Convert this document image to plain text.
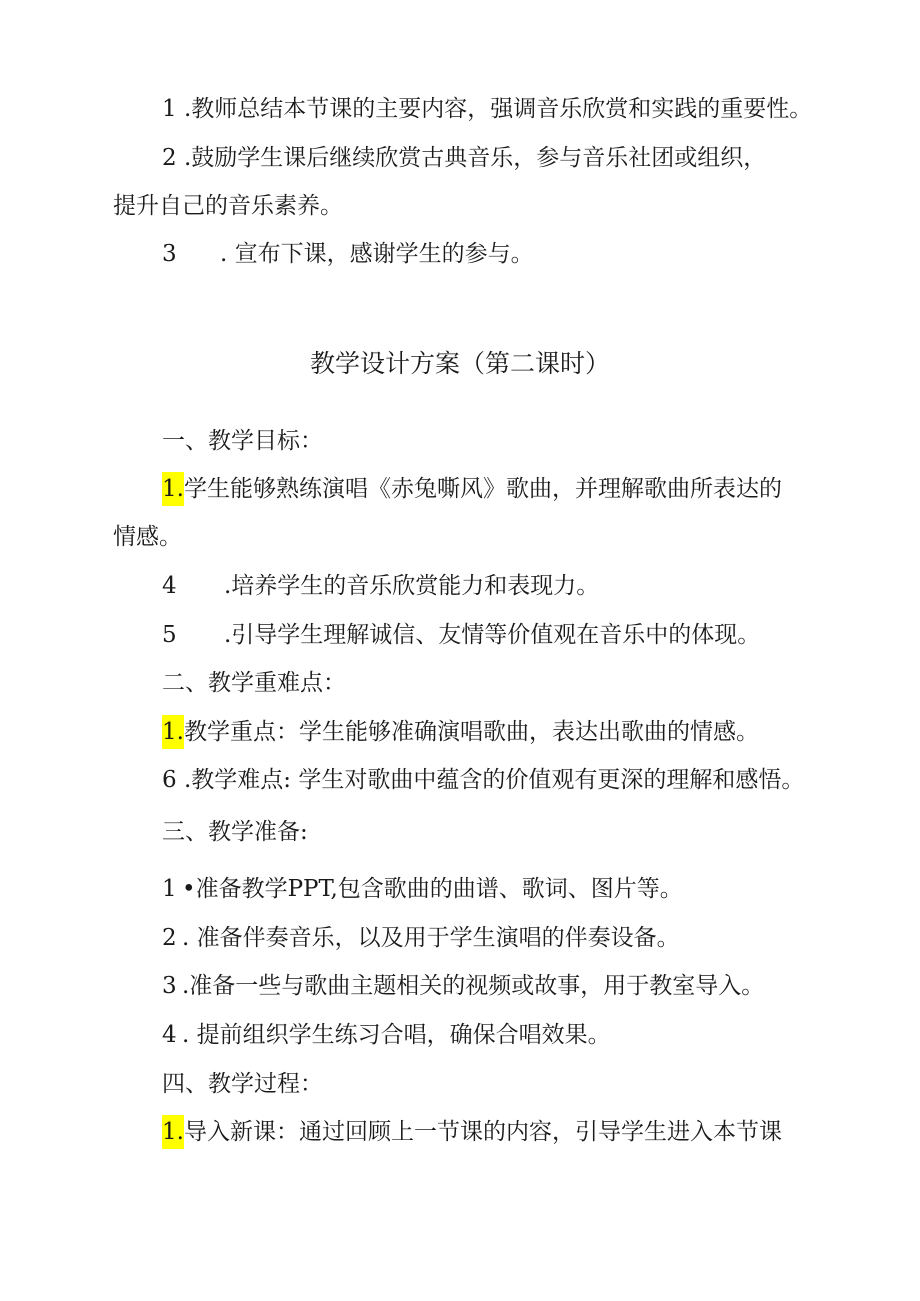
1 .教师总结本节课的主要内容，强调音乐欣赏和实践的重要性。
2 .鼓励学生课后继续欣赏古典音乐，参与音乐社团或组织，
提升自己的音乐素养。
3 . 宣布下课，感谢学生的参与。
教学设计方案（第二课时）
一、教学目标：
1.学生能够熟练演唱《赤兔嘶风》歌曲，并理解歌曲所表达的
情感。
4 .培养学生的音乐欣赏能力和表现力。
5 .引导学生理解诚信、友情等价值观在音乐中的体现。
二、教学重难点：
1.教学重点：学生能够准确演唱歌曲，表达出歌曲的情感。
6 .教学难点: 学生对歌曲中蕴含的价值观有更深的理解和感悟。
三、教学准备:
1 •准备教学PPT,包含歌曲的曲谱、歌词、图片等。
2 . 准备伴奏音乐，以及用于学生演唱的伴奏设备。
3 .准备一些与歌曲主题相关的视频或故事，用于教室导入。
4 . 提前组织学生练习合唱，确保合唱效果。
四、教学过程：
1.导入新课：通过回顾上一节课的内容，引导学生进入本节课
